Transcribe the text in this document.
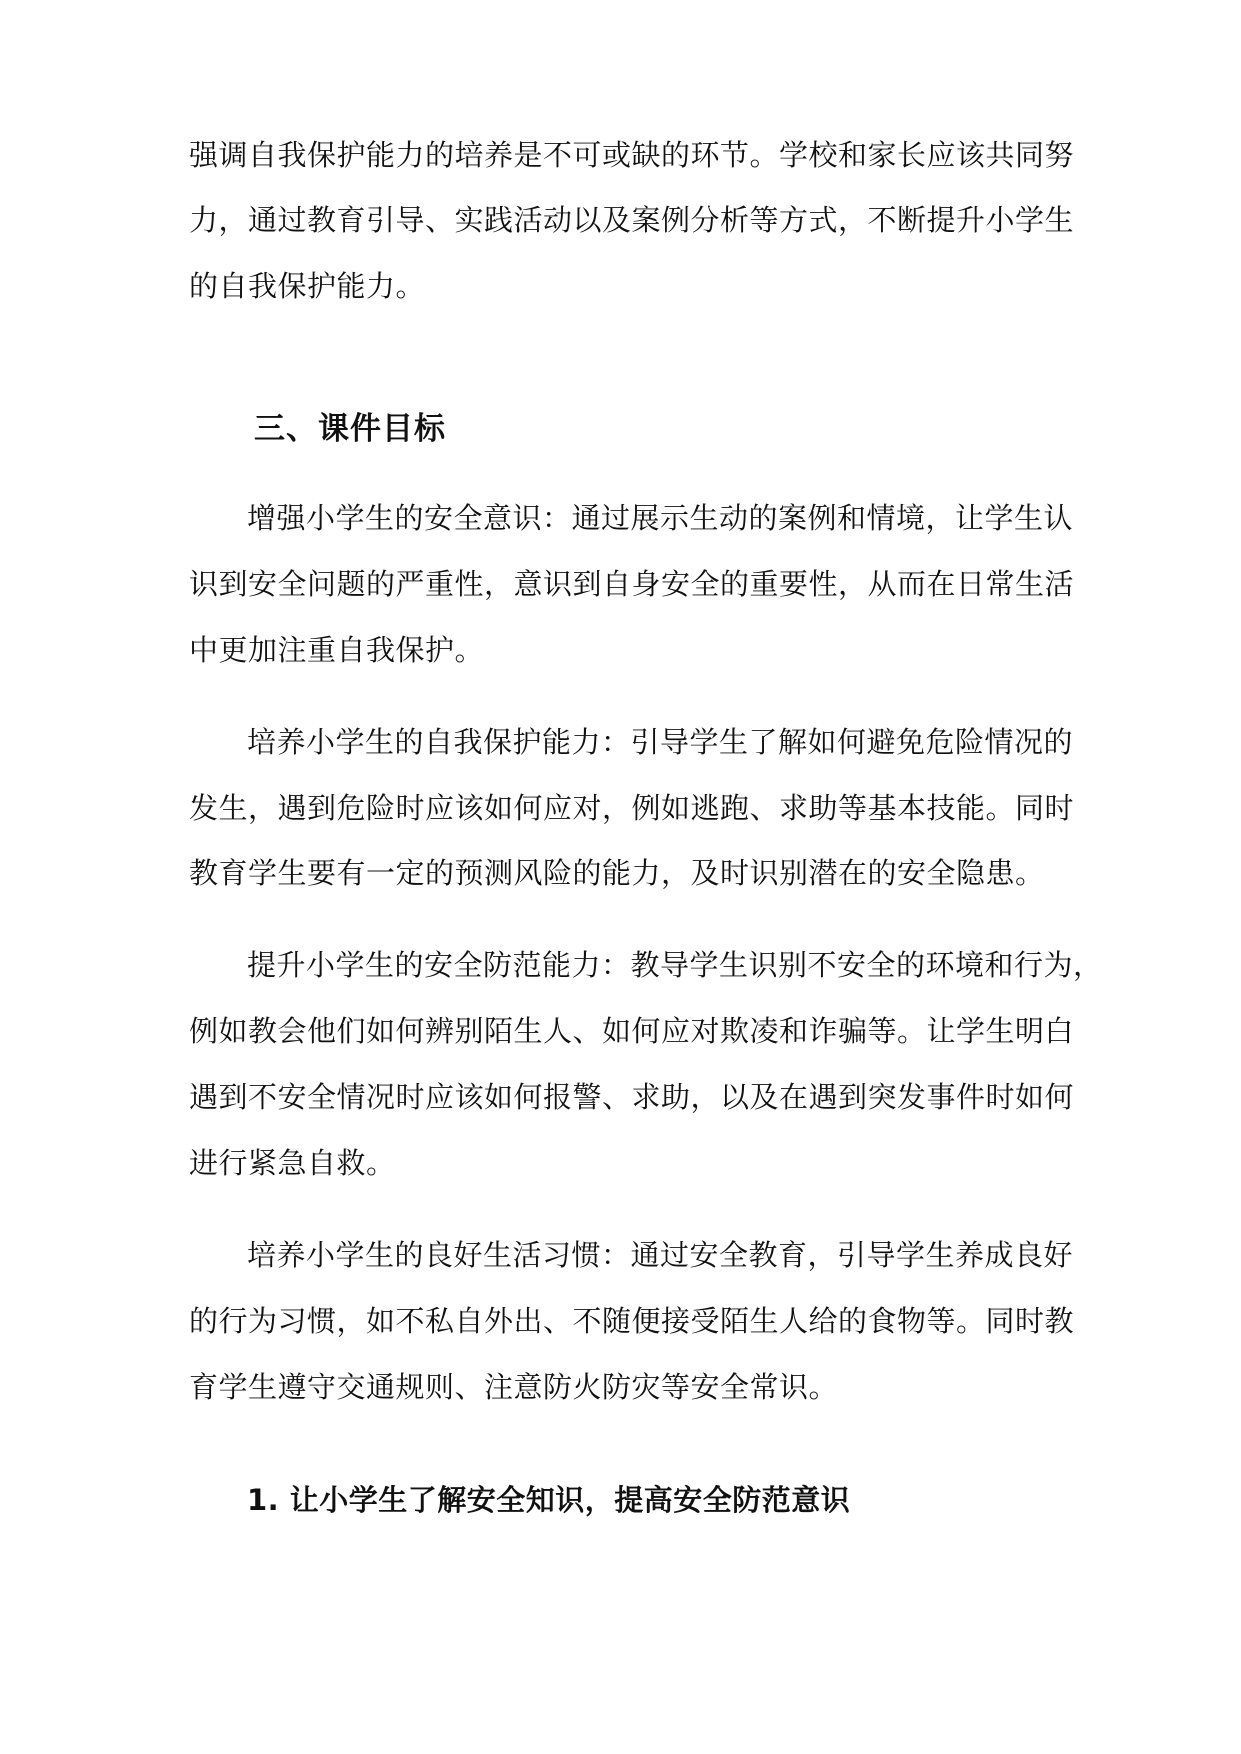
强调自我保护能力的培养是不可或缺的环节。学校和家长应该共同努
力，通过教育引导、实践活动以及案例分析等方式，不断提升小学生
的自我保护能力。
三、课件目标
增强小学生的安全意识：通过展示生动的案例和情境，让学生认
识到安全问题的严重性，意识到自身安全的重要性，从而在日常生活
中更加注重自我保护。
培养小学生的自我保护能力：引导学生了解如何避免危险情况的
发生，遇到危险时应该如何应对，例如逃跑、求助等基本技能。同时
教育学生要有一定的预测风险的能力，及时识别潜在的安全隐患。
提升小学生的安全防范能力：教导学生识别不安全的环境和行为，
例如教会他们如何辨别陌生人、如何应对欺凌和诈骗等。让学生明白
遇到不安全情况时应该如何报警、求助，以及在遇到突发事件时如何
进行紧急自救。
培养小学生的良好生活习惯：通过安全教育，引导学生养成良好
的行为习惯，如不私自外出、不随便接受陌生人给的食物等。同时教
育学生遵守交通规则、注意防火防灾等安全常识。
1. 让小学生了解安全知识，提高安全防范意识
